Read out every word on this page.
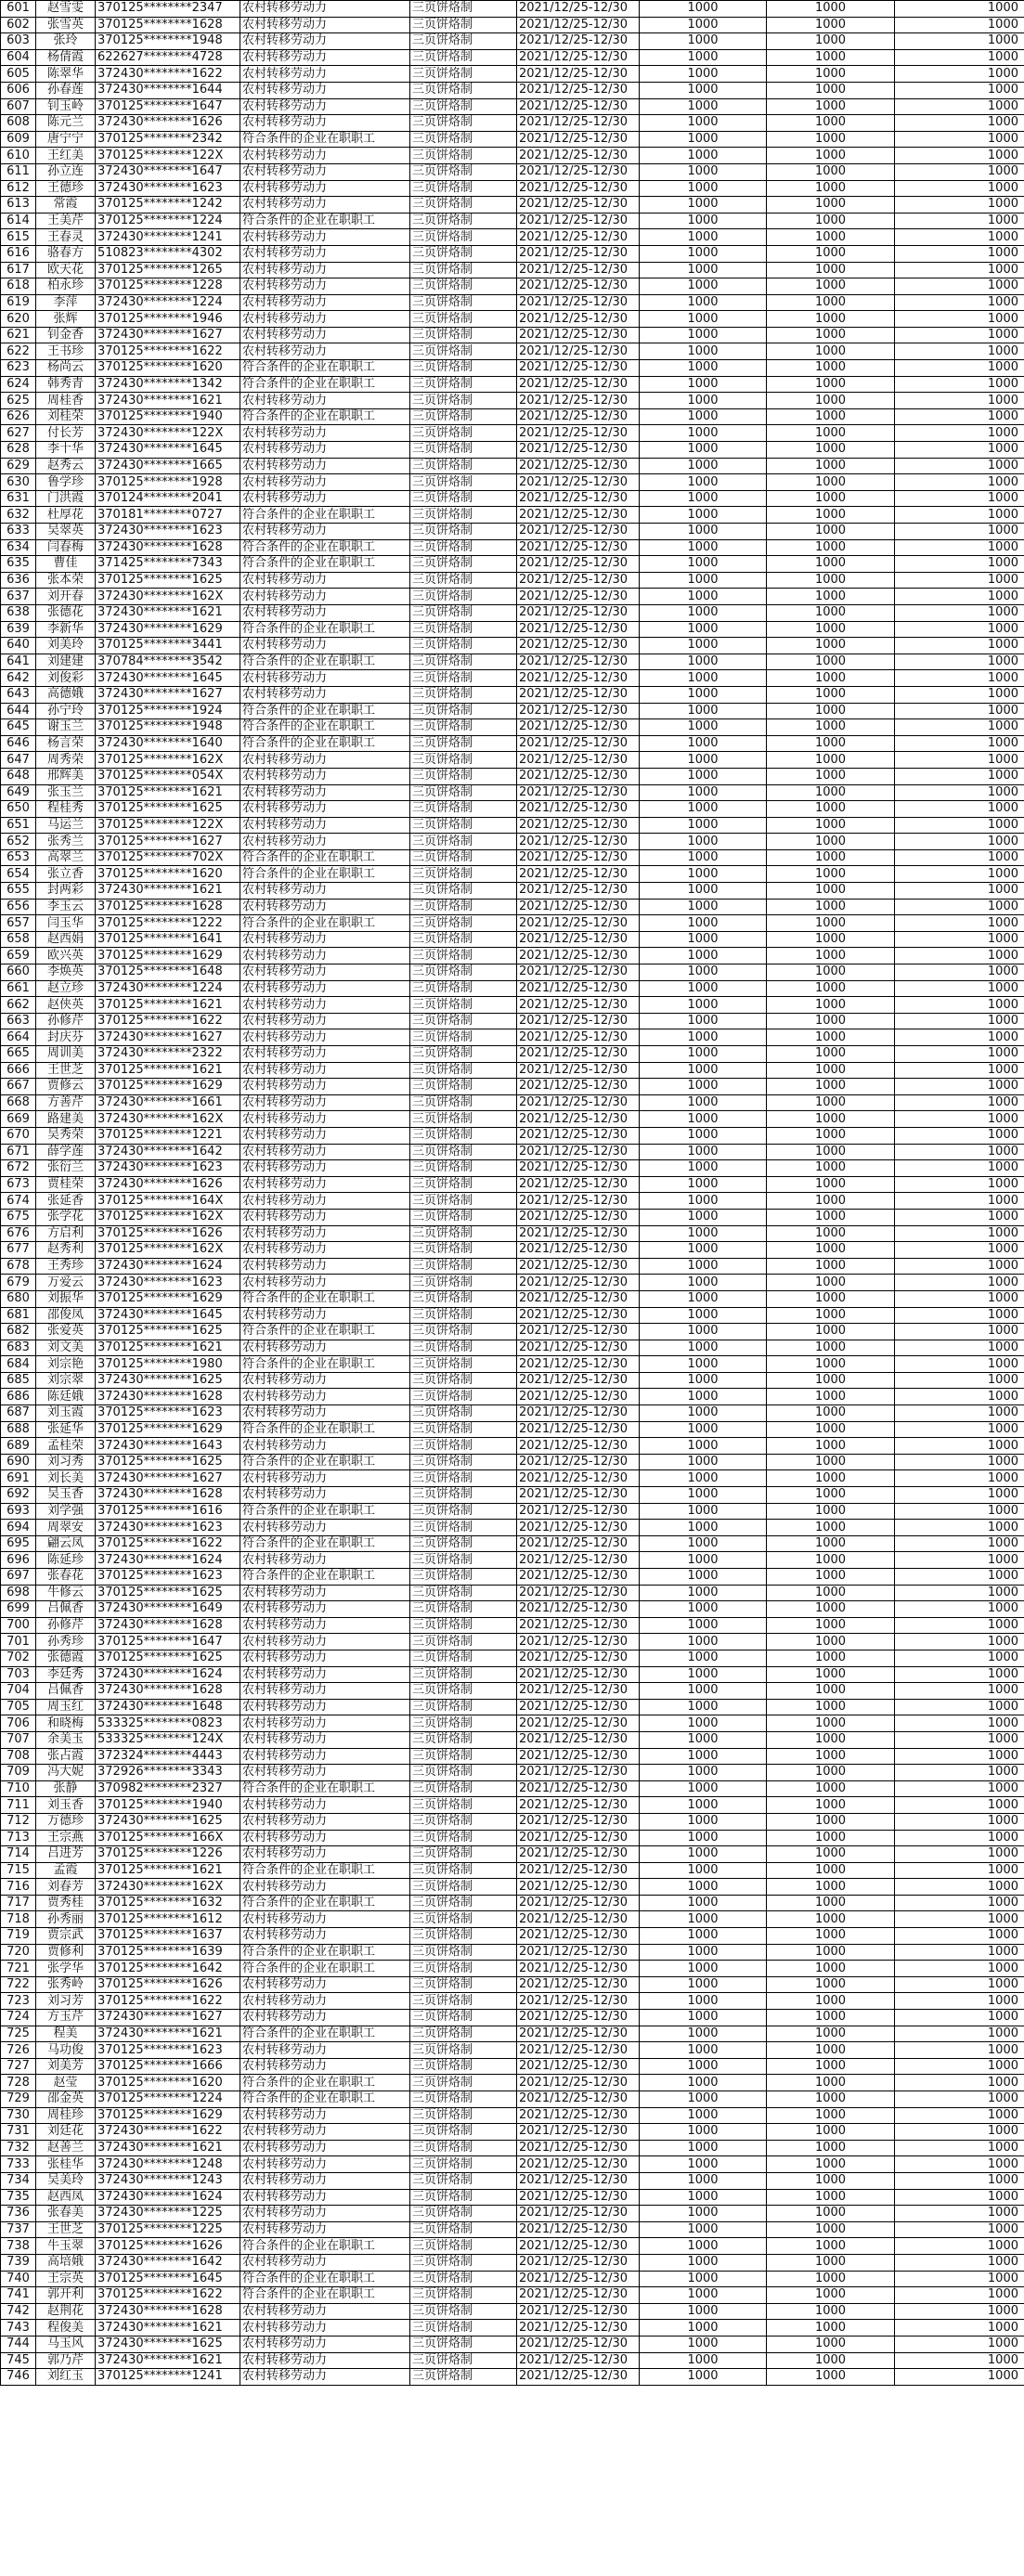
601	赵雪雯	370125********2347	农村转移劳动力	三页饼烙制	2021/12/25-12/30	1000	1000	1000
602	张雪英	370125********1628	农村转移劳动力	三页饼烙制	2021/12/25-12/30	1000	1000	1000
603	张玲	370125********1948	农村转移劳动力	三页饼烙制	2021/12/25-12/30	1000	1000	1000
604	杨倩霞	622627********4728	农村转移劳动力	三页饼烙制	2021/12/25-12/30	1000	1000	1000
605	陈翠华	372430********1622	农村转移劳动力	三页饼烙制	2021/12/25-12/30	1000	1000	1000
606	孙春莲	372430********1644	农村转移劳动力	三页饼烙制	2021/12/25-12/30	1000	1000	1000
607	钊玉岭	370125********1647	农村转移劳动力	三页饼烙制	2021/12/25-12/30	1000	1000	1000
608	陈元兰	372430********1626	农村转移劳动力	三页饼烙制	2021/12/25-12/30	1000	1000	1000
609	唐宁宁	370125********2342	符合条件的企业在职职工	三页饼烙制	2021/12/25-12/30	1000	1000	1000
610	王红美	370125********122X	农村转移劳动力	三页饼烙制	2021/12/25-12/30	1000	1000	1000
611	孙立连	372430********1647	农村转移劳动力	三页饼烙制	2021/12/25-12/30	1000	1000	1000
612	王德珍	372430********1623	农村转移劳动力	三页饼烙制	2021/12/25-12/30	1000	1000	1000
613	常霞	370125********1242	农村转移劳动力	三页饼烙制	2021/12/25-12/30	1000	1000	1000
614	王美芹	370125********1224	符合条件的企业在职职工	三页饼烙制	2021/12/25-12/30	1000	1000	1000
615	王春灵	372430********1241	农村转移劳动力	三页饼烙制	2021/12/25-12/30	1000	1000	1000
616	骆春方	510823********4302	农村转移劳动力	三页饼烙制	2021/12/25-12/30	1000	1000	1000
617	欧天花	370125********1265	农村转移劳动力	三页饼烙制	2021/12/25-12/30	1000	1000	1000
618	柏永珍	370125********1228	农村转移劳动力	三页饼烙制	2021/12/25-12/30	1000	1000	1000
619	李萍	372430********1224	农村转移劳动力	三页饼烙制	2021/12/25-12/30	1000	1000	1000
620	张辉	370125********1946	农村转移劳动力	三页饼烙制	2021/12/25-12/30	1000	1000	1000
621	钊金香	372430********1627	农村转移劳动力	三页饼烙制	2021/12/25-12/30	1000	1000	1000
622	王书珍	370125********1622	农村转移劳动力	三页饼烙制	2021/12/25-12/30	1000	1000	1000
623	杨尚云	370125********1620	符合条件的企业在职职工	三页饼烙制	2021/12/25-12/30	1000	1000	1000
624	韩秀青	372430********1342	符合条件的企业在职职工	三页饼烙制	2021/12/25-12/30	1000	1000	1000
625	周桂香	372430********1621	农村转移劳动力	三页饼烙制	2021/12/25-12/30	1000	1000	1000
626	刘桂荣	370125********1940	符合条件的企业在职职工	三页饼烙制	2021/12/25-12/30	1000	1000	1000
627	付长芳	372430********122X	农村转移劳动力	三页饼烙制	2021/12/25-12/30	1000	1000	1000
628	李十华	372430********1645	农村转移劳动力	三页饼烙制	2021/12/25-12/30	1000	1000	1000
629	赵秀云	372430********1665	农村转移劳动力	三页饼烙制	2021/12/25-12/30	1000	1000	1000
630	鲁学珍	370125********1928	农村转移劳动力	三页饼烙制	2021/12/25-12/30	1000	1000	1000
631	门洪霞	370124********2041	农村转移劳动力	三页饼烙制	2021/12/25-12/30	1000	1000	1000
632	杜厚花	370181********0727	符合条件的企业在职职工	三页饼烙制	2021/12/25-12/30	1000	1000	1000
633	吴翠英	372430********1623	农村转移劳动力	三页饼烙制	2021/12/25-12/30	1000	1000	1000
634	闫春梅	372430********1628	符合条件的企业在职职工	三页饼烙制	2021/12/25-12/30	1000	1000	1000
635	曹佳	371425********7343	符合条件的企业在职职工	三页饼烙制	2021/12/25-12/30	1000	1000	1000
636	张本荣	370125********1625	农村转移劳动力	三页饼烙制	2021/12/25-12/30	1000	1000	1000
637	刘开春	372430********162X	农村转移劳动力	三页饼烙制	2021/12/25-12/30	1000	1000	1000
638	张德花	372430********1621	农村转移劳动力	三页饼烙制	2021/12/25-12/30	1000	1000	1000
639	李新华	372430********1629	符合条件的企业在职职工	三页饼烙制	2021/12/25-12/30	1000	1000	1000
640	刘美玲	370125********3441	农村转移劳动力	三页饼烙制	2021/12/25-12/30	1000	1000	1000
641	刘建建	370784********3542	符合条件的企业在职职工	三页饼烙制	2021/12/25-12/30	1000	1000	1000
642	刘俊彩	372430********1645	农村转移劳动力	三页饼烙制	2021/12/25-12/30	1000	1000	1000
643	高德娥	372430********1627	农村转移劳动力	三页饼烙制	2021/12/25-12/30	1000	1000	1000
644	孙宁玲	370125********1924	符合条件的企业在职职工	三页饼烙制	2021/12/25-12/30	1000	1000	1000
645	谢玉兰	370125********1948	符合条件的企业在职职工	三页饼烙制	2021/12/25-12/30	1000	1000	1000
646	杨言荣	372430********1640	符合条件的企业在职职工	三页饼烙制	2021/12/25-12/30	1000	1000	1000
647	周秀荣	370125********162X	农村转移劳动力	三页饼烙制	2021/12/25-12/30	1000	1000	1000
648	邢辉美	370125********054X	农村转移劳动力	三页饼烙制	2021/12/25-12/30	1000	1000	1000
649	张玉兰	370125********1621	农村转移劳动力	三页饼烙制	2021/12/25-12/30	1000	1000	1000
650	程桂秀	370125********1625	农村转移劳动力	三页饼烙制	2021/12/25-12/30	1000	1000	1000
651	马运兰	370125********122X	农村转移劳动力	三页饼烙制	2021/12/25-12/30	1000	1000	1000
652	张秀兰	370125********1627	农村转移劳动力	三页饼烙制	2021/12/25-12/30	1000	1000	1000
653	高翠兰	370125********702X	符合条件的企业在职职工	三页饼烙制	2021/12/25-12/30	1000	1000	1000
654	张立香	370125********1620	符合条件的企业在职职工	三页饼烙制	2021/12/25-12/30	1000	1000	1000
655	封两彩	372430********1621	农村转移劳动力	三页饼烙制	2021/12/25-12/30	1000	1000	1000
656	李玉云	370125********1628	农村转移劳动力	三页饼烙制	2021/12/25-12/30	1000	1000	1000
657	闫玉华	370125********1222	符合条件的企业在职职工	三页饼烙制	2021/12/25-12/30	1000	1000	1000
658	赵西娟	370125********1641	农村转移劳动力	三页饼烙制	2021/12/25-12/30	1000	1000	1000
659	欧兴英	370125********1629	农村转移劳动力	三页饼烙制	2021/12/25-12/30	1000	1000	1000
660	李焕英	370125********1648	农村转移劳动力	三页饼烙制	2021/12/25-12/30	1000	1000	1000
661	赵立珍	372430********1224	农村转移劳动力	三页饼烙制	2021/12/25-12/30	1000	1000	1000
662	赵侠英	370125********1621	农村转移劳动力	三页饼烙制	2021/12/25-12/30	1000	1000	1000
663	孙修芹	370125********1622	农村转移劳动力	三页饼烙制	2021/12/25-12/30	1000	1000	1000
664	封庆芬	372430********1627	农村转移劳动力	三页饼烙制	2021/12/25-12/30	1000	1000	1000
665	周训美	372430********2322	农村转移劳动力	三页饼烙制	2021/12/25-12/30	1000	1000	1000
666	王世芝	370125********1621	农村转移劳动力	三页饼烙制	2021/12/25-12/30	1000	1000	1000
667	贾修云	370125********1629	农村转移劳动力	三页饼烙制	2021/12/25-12/30	1000	1000	1000
668	方善芹	372430********1661	农村转移劳动力	三页饼烙制	2021/12/25-12/30	1000	1000	1000
669	路建美	372430********162X	农村转移劳动力	三页饼烙制	2021/12/25-12/30	1000	1000	1000
670	吴秀荣	370125********1221	农村转移劳动力	三页饼烙制	2021/12/25-12/30	1000	1000	1000
671	薛学莲	372430********1642	农村转移劳动力	三页饼烙制	2021/12/25-12/30	1000	1000	1000
672	张衍兰	372430********1623	农村转移劳动力	三页饼烙制	2021/12/25-12/30	1000	1000	1000
673	贾桂荣	372430********1626	农村转移劳动力	三页饼烙制	2021/12/25-12/30	1000	1000	1000
674	张延香	370125********164X	农村转移劳动力	三页饼烙制	2021/12/25-12/30	1000	1000	1000
675	张学花	370125********162X	农村转移劳动力	三页饼烙制	2021/12/25-12/30	1000	1000	1000
676	方启利	370125********1626	农村转移劳动力	三页饼烙制	2021/12/25-12/30	1000	1000	1000
677	赵秀利	370125********162X	农村转移劳动力	三页饼烙制	2021/12/25-12/30	1000	1000	1000
678	王秀珍	372430********1624	农村转移劳动力	三页饼烙制	2021/12/25-12/30	1000	1000	1000
679	万爱云	372430********1623	农村转移劳动力	三页饼烙制	2021/12/25-12/30	1000	1000	1000
680	刘振华	370125********1629	符合条件的企业在职职工	三页饼烙制	2021/12/25-12/30	1000	1000	1000
681	邵俊凤	372430********1645	农村转移劳动力	三页饼烙制	2021/12/25-12/30	1000	1000	1000
682	张爱英	370125********1625	符合条件的企业在职职工	三页饼烙制	2021/12/25-12/30	1000	1000	1000
683	刘文美	370125********1621	农村转移劳动力	三页饼烙制	2021/12/25-12/30	1000	1000	1000
684	刘宗艳	370125********1980	符合条件的企业在职职工	三页饼烙制	2021/12/25-12/30	1000	1000	1000
685	刘宗翠	372430********1625	农村转移劳动力	三页饼烙制	2021/12/25-12/30	1000	1000	1000
686	陈廷娥	372430********1628	农村转移劳动力	三页饼烙制	2021/12/25-12/30	1000	1000	1000
687	刘玉霞	370125********1623	农村转移劳动力	三页饼烙制	2021/12/25-12/30	1000	1000	1000
688	张延华	370125********1629	符合条件的企业在职职工	三页饼烙制	2021/12/25-12/30	1000	1000	1000
689	孟桂荣	372430********1643	农村转移劳动力	三页饼烙制	2021/12/25-12/30	1000	1000	1000
690	刘习秀	370125********1625	符合条件的企业在职职工	三页饼烙制	2021/12/25-12/30	1000	1000	1000
691	刘长美	372430********1627	农村转移劳动力	三页饼烙制	2021/12/25-12/30	1000	1000	1000
692	吴玉香	372430********1628	农村转移劳动力	三页饼烙制	2021/12/25-12/30	1000	1000	1000
693	刘学强	370125********1616	符合条件的企业在职职工	三页饼烙制	2021/12/25-12/30	1000	1000	1000
694	周翠安	372430********1623	农村转移劳动力	三页饼烙制	2021/12/25-12/30	1000	1000	1000
695	翩云凤	370125********1622	符合条件的企业在职职工	三页饼烙制	2021/12/25-12/30	1000	1000	1000
696	陈延珍	372430********1624	农村转移劳动力	三页饼烙制	2021/12/25-12/30	1000	1000	1000
697	张春花	370125********1623	符合条件的企业在职职工	三页饼烙制	2021/12/25-12/30	1000	1000	1000
698	牛修云	370125********1625	农村转移劳动力	三页饼烙制	2021/12/25-12/30	1000	1000	1000
699	吕佩香	372430********1649	农村转移劳动力	三页饼烙制	2021/12/25-12/30	1000	1000	1000
700	孙修芹	372430********1628	农村转移劳动力	三页饼烙制	2021/12/25-12/30	1000	1000	1000
701	孙秀珍	370125********1647	农村转移劳动力	三页饼烙制	2021/12/25-12/30	1000	1000	1000
702	张德霞	370125********1625	农村转移劳动力	三页饼烙制	2021/12/25-12/30	1000	1000	1000
703	李廷秀	372430********1624	农村转移劳动力	三页饼烙制	2021/12/25-12/30	1000	1000	1000
704	吕佩香	372430********1628	农村转移劳动力	三页饼烙制	2021/12/25-12/30	1000	1000	1000
705	周玉红	372430********1648	农村转移劳动力	三页饼烙制	2021/12/25-12/30	1000	1000	1000
706	和晓梅	533325********0823	农村转移劳动力	三页饼烙制	2021/12/25-12/30	1000	1000	1000
707	余美玉	533325********124X	农村转移劳动力	三页饼烙制	2021/12/25-12/30	1000	1000	1000
708	张占霞	372324********4443	农村转移劳动力	三页饼烙制	2021/12/25-12/30	1000	1000	1000
709	冯大妮	372926********3343	农村转移劳动力	三页饼烙制	2021/12/25-12/30	1000	1000	1000
710	张静	370982********2327	符合条件的企业在职职工	三页饼烙制	2021/12/25-12/30	1000	1000	1000
711	刘玉香	370125********1940	农村转移劳动力	三页饼烙制	2021/12/25-12/30	1000	1000	1000
712	万德珍	372430********1625	农村转移劳动力	三页饼烙制	2021/12/25-12/30	1000	1000	1000
713	王宗燕	370125********166X	农村转移劳动力	三页饼烙制	2021/12/25-12/30	1000	1000	1000
714	吕进芳	370125********1226	农村转移劳动力	三页饼烙制	2021/12/25-12/30	1000	1000	1000
715	孟霞	370125********1621	符合条件的企业在职职工	三页饼烙制	2021/12/25-12/30	1000	1000	1000
716	刘春芳	372430********162X	农村转移劳动力	三页饼烙制	2021/12/25-12/30	1000	1000	1000
717	贾秀桂	370125********1632	符合条件的企业在职职工	三页饼烙制	2021/12/25-12/30	1000	1000	1000
718	孙秀丽	370125********1612	农村转移劳动力	三页饼烙制	2021/12/25-12/30	1000	1000	1000
719	贾宗武	370125********1637	农村转移劳动力	三页饼烙制	2021/12/25-12/30	1000	1000	1000
720	贾修利	370125********1639	符合条件的企业在职职工	三页饼烙制	2021/12/25-12/30	1000	1000	1000
721	张学华	370125********1642	符合条件的企业在职职工	三页饼烙制	2021/12/25-12/30	1000	1000	1000
722	张秀岭	370125********1626	农村转移劳动力	三页饼烙制	2021/12/25-12/30	1000	1000	1000
723	刘习芳	370125********1622	农村转移劳动力	三页饼烙制	2021/12/25-12/30	1000	1000	1000
724	方玉芹	372430********1627	农村转移劳动力	三页饼烙制	2021/12/25-12/30	1000	1000	1000
725	程美	372430********1621	符合条件的企业在职职工	三页饼烙制	2021/12/25-12/30	1000	1000	1000
726	马功俊	370125********1623	农村转移劳动力	三页饼烙制	2021/12/25-12/30	1000	1000	1000
727	刘美芳	370125********1666	农村转移劳动力	三页饼烙制	2021/12/25-12/30	1000	1000	1000
728	赵莹	370125********1620	符合条件的企业在职职工	三页饼烙制	2021/12/25-12/30	1000	1000	1000
729	邵金英	370125********1224	符合条件的企业在职职工	三页饼烙制	2021/12/25-12/30	1000	1000	1000
730	周桂珍	370125********1629	农村转移劳动力	三页饼烙制	2021/12/25-12/30	1000	1000	1000
731	刘廷花	372430********1622	农村转移劳动力	三页饼烙制	2021/12/25-12/30	1000	1000	1000
732	赵善兰	372430********1621	农村转移劳动力	三页饼烙制	2021/12/25-12/30	1000	1000	1000
733	张桂华	372430********1248	农村转移劳动力	三页饼烙制	2021/12/25-12/30	1000	1000	1000
734	吴美玲	372430********1243	农村转移劳动力	三页饼烙制	2021/12/25-12/30	1000	1000	1000
735	赵西凤	372430********1624	农村转移劳动力	三页饼烙制	2021/12/25-12/30	1000	1000	1000
736	张春美	372430********1225	农村转移劳动力	三页饼烙制	2021/12/25-12/30	1000	1000	1000
737	王世芝	370125********1225	农村转移劳动力	三页饼烙制	2021/12/25-12/30	1000	1000	1000
738	牛玉翠	370125********1626	符合条件的企业在职职工	三页饼烙制	2021/12/25-12/30	1000	1000	1000
739	高培娥	372430********1642	农村转移劳动力	三页饼烙制	2021/12/25-12/30	1000	1000	1000
740	王宗英	370125********1645	符合条件的企业在职职工	三页饼烙制	2021/12/25-12/30	1000	1000	1000
741	郭开利	370125********1622	符合条件的企业在职职工	三页饼烙制	2021/12/25-12/30	1000	1000	1000
742	赵荆花	372430********1628	农村转移劳动力	三页饼烙制	2021/12/25-12/30	1000	1000	1000
743	程俊美	372430********1621	农村转移劳动力	三页饼烙制	2021/12/25-12/30	1000	1000	1000
744	马玉风	372430********1625	农村转移劳动力	三页饼烙制	2021/12/25-12/30	1000	1000	1000
745	郭乃芹	372430********1621	农村转移劳动力	三页饼烙制	2021/12/25-12/30	1000	1000	1000
746	刘红玉	370125********1241	农村转移劳动力	三页饼烙制	2021/12/25-12/30	1000	1000	1000
